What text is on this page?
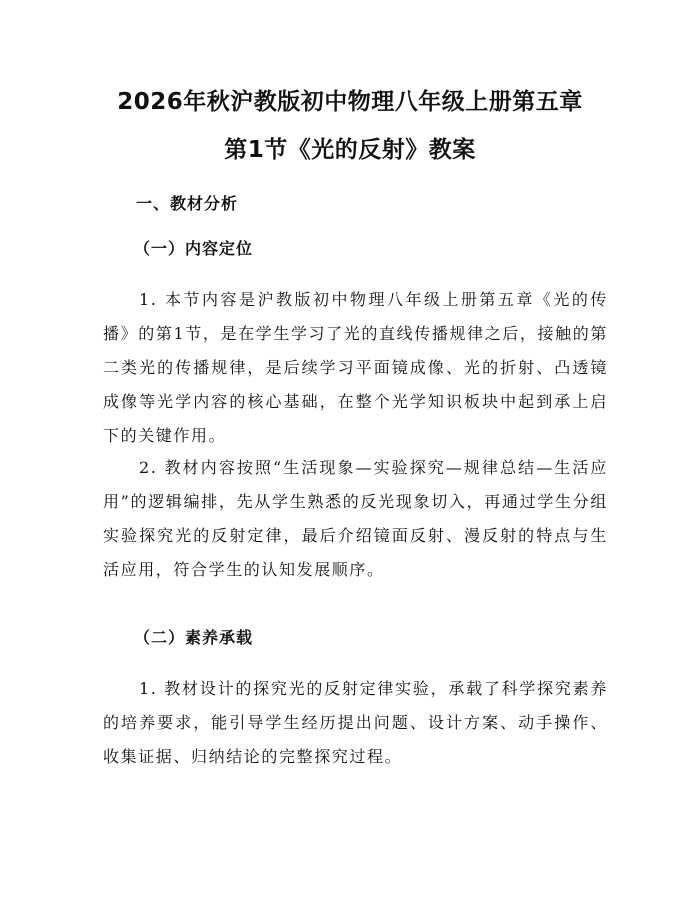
2026年秋沪教版初中物理八年级上册第五章
第1节《光的反射》教案
一、教材分析
（一）内容定位

1. 本节内容是沪教版初中物理八年级上册第五章《光的传播》的第1节，是在学生学习了光的直线传播规律之后，接触的第二类光的传播规律，是后续学习平面镜成像、光的折射、凸透镜成像等光学内容的核心基础，在整个光学知识板块中起到承上启下的关键作用。

2. 教材内容按照“生活现象—实验探究—规律总结—生活应用”的逻辑编排，先从学生熟悉的反光现象切入，再通过学生分组实验探究光的反射定律，最后介绍镜面反射、漫反射的特点与生活应用，符合学生的认知发展顺序。

（二）素养承载

1. 教材设计的探究光的反射定律实验，承载了科学探究素养的培养要求，能引导学生经历提出问题、设计方案、动手操作、收集证据、归纳结论的完整探究过程。
